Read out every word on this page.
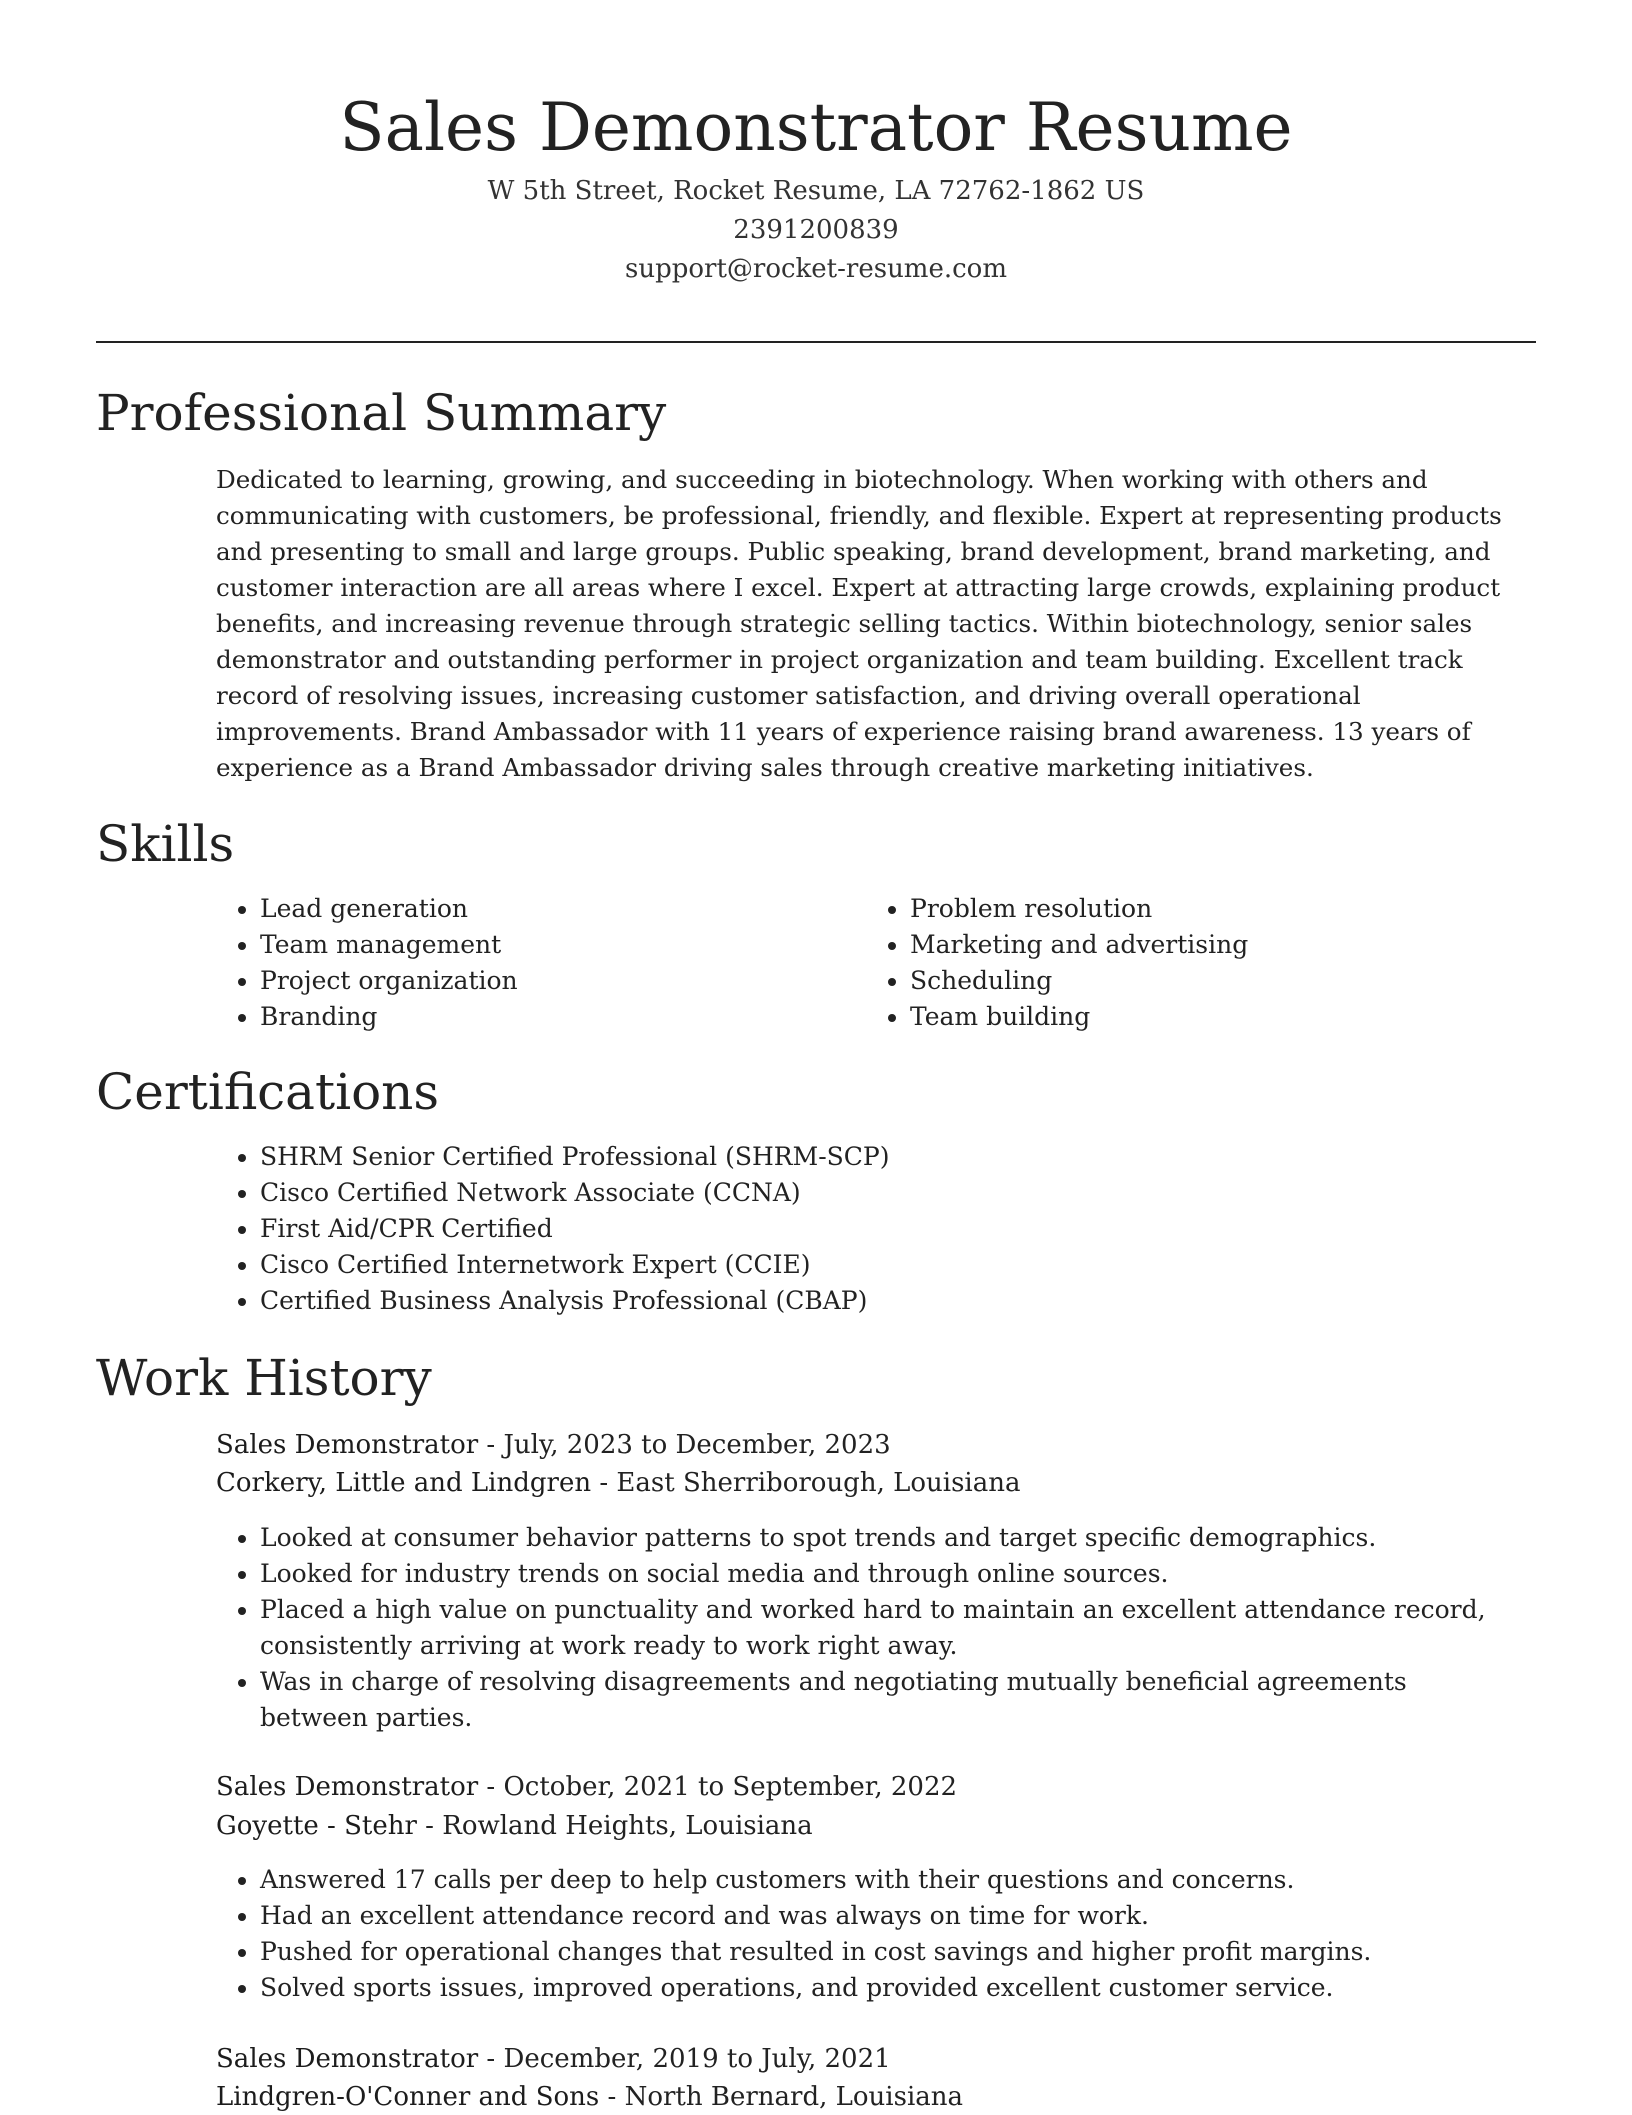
Sales Demonstrator Resume
W 5th Street, Rocket Resume, LA 72762-1862 US
2391200839
support@rocket-resume.com
Professional Summary

Dedicated to learning, growing, and succeeding in biotechnology. When working with others and communicating with customers, be professional, friendly, and flexible. Expert at representing products and presenting to small and large groups. Public speaking, brand development, brand marketing, and customer interaction are all areas where I excel. Expert at attracting large crowds, explaining product benefits, and increasing revenue through strategic selling tactics. Within biotechnology, senior sales demonstrator and outstanding performer in project organization and team building. Excellent track record of resolving issues, increasing customer satisfaction, and driving overall operational improvements. Brand Ambassador with 11 years of experience raising brand awareness. 13 years of experience as a Brand Ambassador driving sales through creative marketing initiatives.

Skills
• Lead generation
• Team management
• Project organization
• Branding
• Problem resolution
• Marketing and advertising
• Scheduling
• Team building
Certifications
• SHRM Senior Certified Professional (SHRM-SCP)
• Cisco Certified Network Associate (CCNA)
• First Aid/CPR Certified
• Cisco Certified Internetwork Expert (CCIE)
• Certified Business Analysis Professional (CBAP)
Work History
Sales Demonstrator - July, 2023 to December, 2023
Corkery, Little and Lindgren - East Sherriborough, Louisiana
• Looked at consumer behavior patterns to spot trends and target specific demographics.
• Looked for industry trends on social media and through online sources.
• Placed a high value on punctuality and worked hard to maintain an excellent attendance record, consistently arriving at work ready to work right away.
• Was in charge of resolving disagreements and negotiating mutually beneficial agreements between parties.
Sales Demonstrator - October, 2021 to September, 2022
Goyette - Stehr - Rowland Heights, Louisiana
• Answered 17 calls per deep to help customers with their questions and concerns.
• Had an excellent attendance record and was always on time for work.
• Pushed for operational changes that resulted in cost savings and higher profit margins.
• Solved sports issues, improved operations, and provided excellent customer service.
Sales Demonstrator - December, 2019 to July, 2021
Lindgren-O'Conner and Sons - North Bernard, Louisiana
